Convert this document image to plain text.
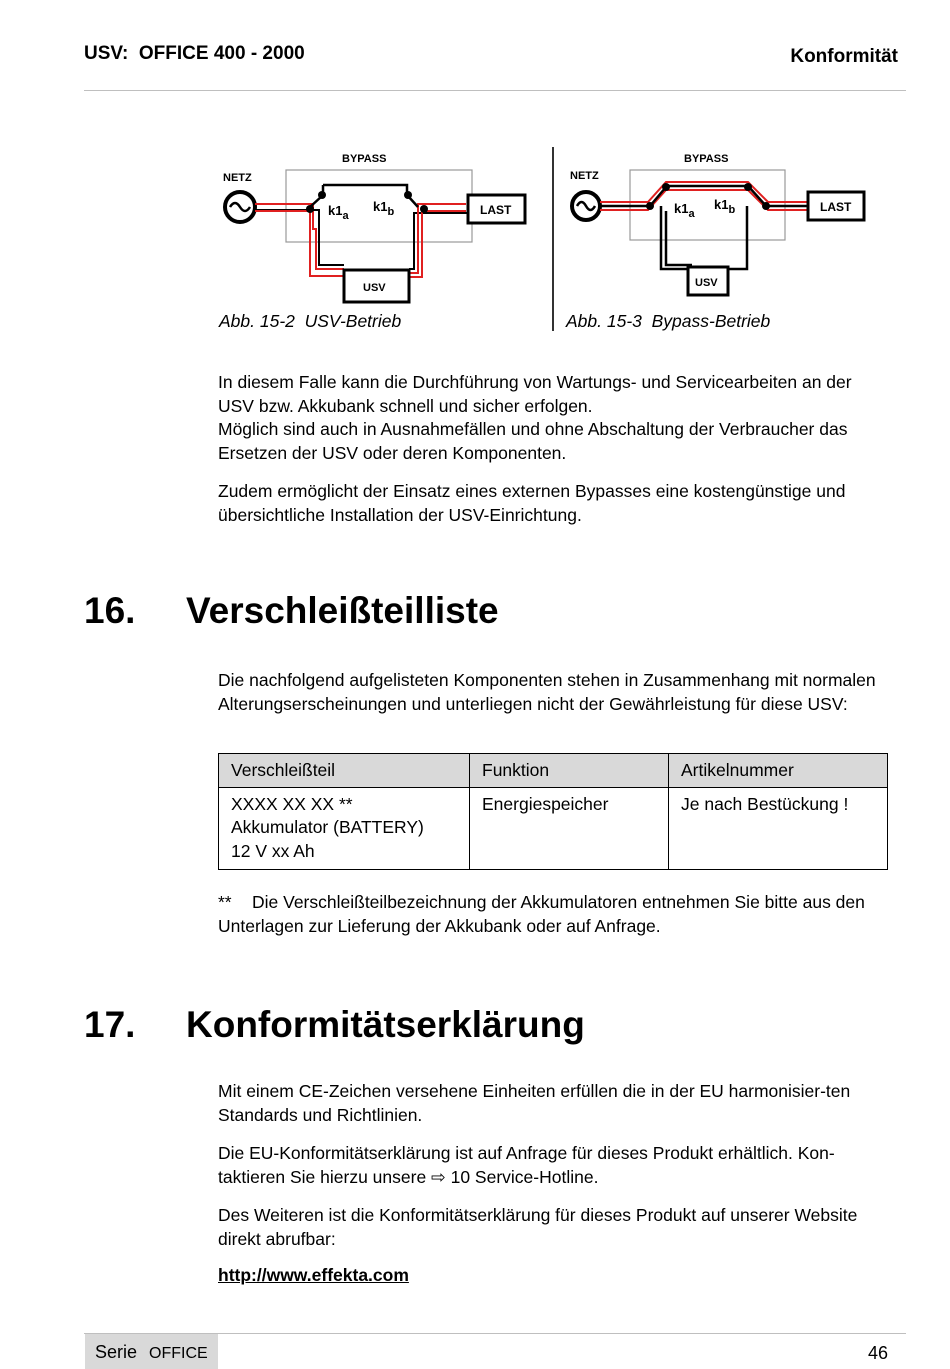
USV:  OFFICE 400 - 2000	Konformität
BYPASS
NETZ
$k1_a$
$k1_b$	LAST
USV
Abb. 15-2  USV-Betrieb
BYPASS
NETZ
$k1_a$
$k1_b$	LAST
USV
Abb. 15-3  Bypass-Betrieb
In diesem Falle kann die Durchführung von Wartungs- und Servicearbeiten an der USV bzw. Akkubank schnell und sicher erfolgen.
Möglich sind auch in Ausnahmefällen und ohne Abschaltung der Verbraucher das Ersetzen der USV oder deren Komponenten.
Zudem ermöglicht der Einsatz eines externen Bypasses eine kostengünstige und übersichtliche Installation der USV-Einrichtung.
16. Verschleißteilliste
Die nachfolgend aufgelisteten Komponenten stehen in Zusammenhang mit normalen Alterungserscheinungen und unterliegen nicht der Gewährleistung für diese USV:
Verschleißteil	Funktion	Artikelnummer

XXXX XX XX **
Akkumulator (BATTERY)
12 V xx Ah	Energiespeicher	Je nach Bestückung !
** Die Verschleißteilbezeichnung der Akkumulatoren entnehmen Sie bitte aus den Unterlagen zur Lieferung der Akkubank oder auf Anfrage.
17. Konformitätserklärung
Mit einem CE-Zeichen versehene Einheiten erfüllen die in der EU harmonisier-ten Standards und Richtlinien.
Die EU-Konformitätserklärung ist auf Anfrage für dieses Produkt erhältlich. Kon-taktieren Sie hierzu unsere ⇨ 10 Service-Hotline.
Des Weiteren ist die Konformitätserklärung für dieses Produkt auf unserer Website direkt abrufbar:
http://www.effekta.com
Serie OFFICE	46
